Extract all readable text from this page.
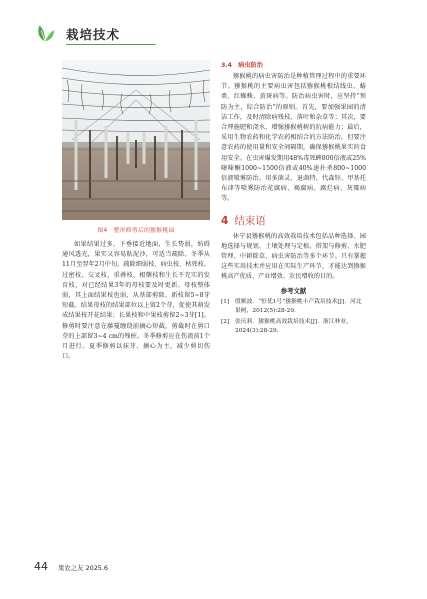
栽培技术
图4　整形修剪后的猕猴桃园

如果结果过多，下垂接近地面，生长势弱，妨碍通风透光，果实又容易粘泥沙，可适当疏除。冬季从11月至翌年2月中旬，疏除细弱枝、病虫枝、枯死枝、过密枝、交叉枝、重叠枝、根蘖枝和生长不充实的发育枝，对已经结果3年的母枝要及时更新。母枝整体弱，其上面结果枝也弱，从基部剪除。新枝留5~8芽短截。结果母枝的结果部位以上留2个芽，促使其萌发成结果枝开花结果；长果枝和中果枝剪留2~3芽[1]。修剪时要注意在藤蔓缠绕前摘心短截，剪截时在剪口芽的上部留3~4 cm的残桩。冬季修剪应在伤流前1个月进行。夏季修剪以抹芽、摘心为主，减少剪切伤口。

3.4　病虫防治

猕猴桃的病虫害防治是种植管理过程中的重要环节。猕猴桃的主要病虫害包括猕猴桃根结线虫、蝽类、红蜘蛛、黄斑病等。防治病虫害时，应坚持“预防为主，综合防治”的原则。首先，要加强果园的清洁工作，及时清除病残枝、落叶和杂草等；其次，要合理施肥和浇水，增强猕猴桃树的抗病能力；最后，采用生物农药和化学农药相结合的方法防治，但要注意农药的使用量和安全间隔期，确保猕猴桃果实的食用安全。在虫害爆发期用48%毒死蜱800倍液或25%噻嗪酮1000~1500倍液或40%速扑杀800~1000倍液喷雾防治。用多菌灵、退菌特、代森锌、甲基托布津等喷雾防治花腐病、褐腐病、腐烂病、灰霉病等。

4 结束语

休宁县猕猴桃的高效栽培技术包括品种选择、园地选择与规划、土壤处理与定植、搭架与修剪、水肥管理、中耕除草、病虫害防治等多个环节。只有掌握这些实用技术并应用在实际生产环节，才能达到猕猴桃高产优质、产业增效、农民增收的目的。

参考文献
[1] 殷顺波．“恒优1号”猕猴桃丰产栽培技术[J]．河北果树，2012(5):28-29.
[2] 张庆莉．猕猴桃高效栽培技术[J]．浙江林业，2024(3):28-29.
44 果农之友 2025.6
